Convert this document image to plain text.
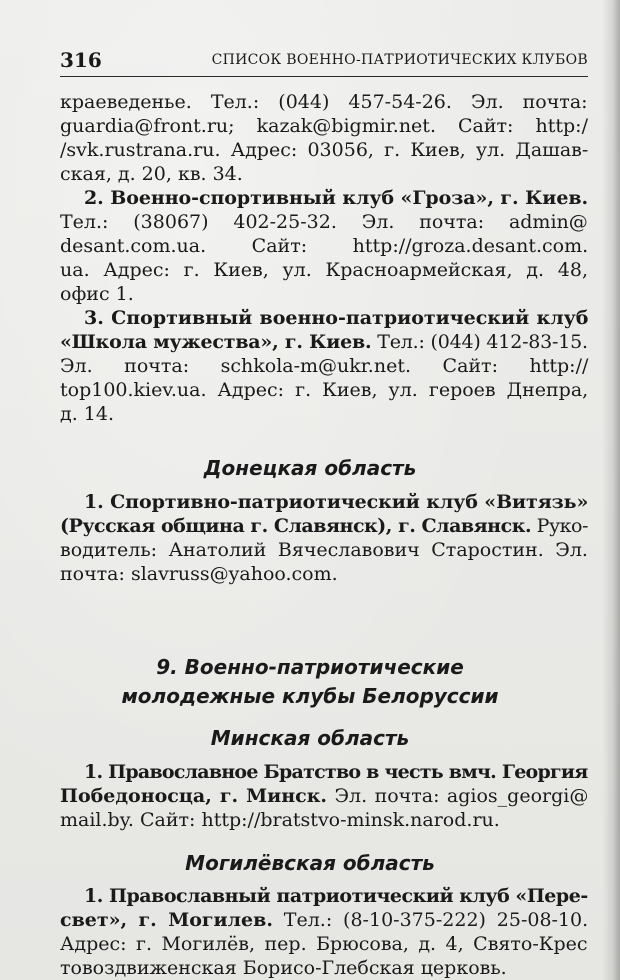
316	СПИСОК ВОЕННО-ПАТРИОТИЧЕСКИХ КЛУБОВ
краеведенье. Тел.: (044) 457-54-26. Эл. почта:
guardia@front.ru; kazak@bigmir.net. Сайт: http:/
/svk.rustrana.ru. Адрес: 03056, г. Киев, ул. Дашав-
ская, д. 20, кв. 34.
2. Военно-спортивный клуб «Гроза», г. Киев.
Тел.: (38067) 402-25-32. Эл. почта: admin@
desant.com.ua. Сайт: http://groza.desant.com.
ua. Адрес: г. Киев, ул. Красноармейская, д. 48,
офис 1.
3. Спортивный военно-патриотический клуб
«Школа мужества», г. Киев. Тел.: (044) 412-83-15.
Эл. почта: schkola-m@ukr.net. Сайт: http://
top100.kiev.ua. Адрес: г. Киев, ул. героев Днепра,
д. 14.
Донецкая область
1. Спортивно-патриотический клуб «Витязь»
(Русская община г. Славянск), г. Славянск. Руко-
водитель: Анатолий Вячеславович Старостин. Эл.
почта: slavruss@yahoo.com.
9. Военно-патриотические
молодежные клубы Белоруссии
Минская область
1. Православное Братство в честь вмч. Георгия
Победоносца, г. Минск. Эл. почта: agios_georgi@
mail.by. Сайт: http://bratstvo-minsk.narod.ru.
Могилёвская область
1. Православный патриотический клуб «Пере-
свет», г. Могилев. Тел.: (8-10-375-222) 25-08-10.
Адрес: г. Могилёв, пер. Брюсова, д. 4, Свято-Крес
товоздвиженская Борисо-Глебская церковь.
